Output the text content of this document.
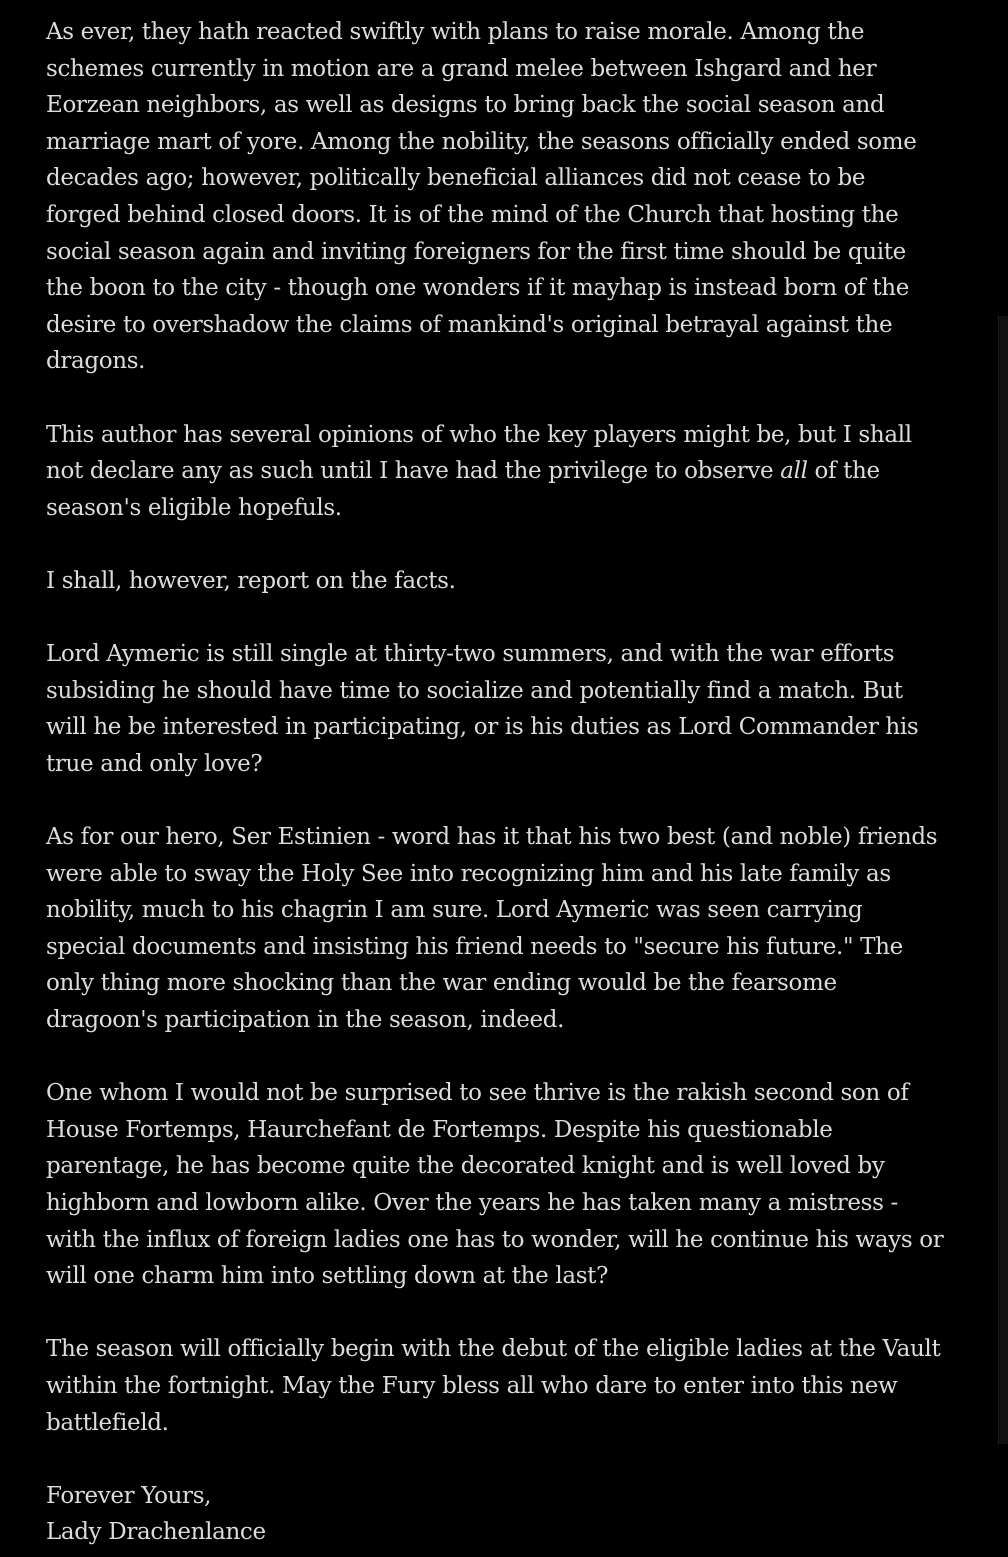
As ever, they hath reacted swiftly with plans to raise morale. Among the schemes currently in motion are a grand melee between Ishgard and her Eorzean neighbors, as well as designs to bring back the social season and marriage mart of yore. Among the nobility, the seasons officially ended some decades ago; however, politically beneficial alliances did not cease to be forged behind closed doors. It is of the mind of the Church that hosting the social season again and inviting foreigners for the first time should be quite the boon to the city - though one wonders if it mayhap is instead born of the desire to overshadow the claims of mankind's original betrayal against the dragons.

This author has several opinions of who the key players might be, but I shall not declare any as such until I have had the privilege to observe all of the season's eligible hopefuls.

I shall, however, report on the facts.

Lord Aymeric is still single at thirty-two summers, and with the war efforts subsiding he should have time to socialize and potentially find a match. But will he be interested in participating, or is his duties as Lord Commander his true and only love?

As for our hero, Ser Estinien - word has it that his two best (and noble) friends were able to sway the Holy See into recognizing him and his late family as nobility, much to his chagrin I am sure. Lord Aymeric was seen carrying special documents and insisting his friend needs to "secure his future." The only thing more shocking than the war ending would be the fearsome dragoon's participation in the season, indeed.

One whom I would not be surprised to see thrive is the rakish second son of House Fortemps, Haurchefant de Fortemps. Despite his questionable parentage, he has become quite the decorated knight and is well loved by highborn and lowborn alike. Over the years he has taken many a mistress - with the influx of foreign ladies one has to wonder, will he continue his ways or will one charm him into settling down at the last?

The season will officially begin with the debut of the eligible ladies at the Vault within the fortnight. May the Fury bless all who dare to enter into this new battlefield.

Forever Yours,
Lady Drachenlance
